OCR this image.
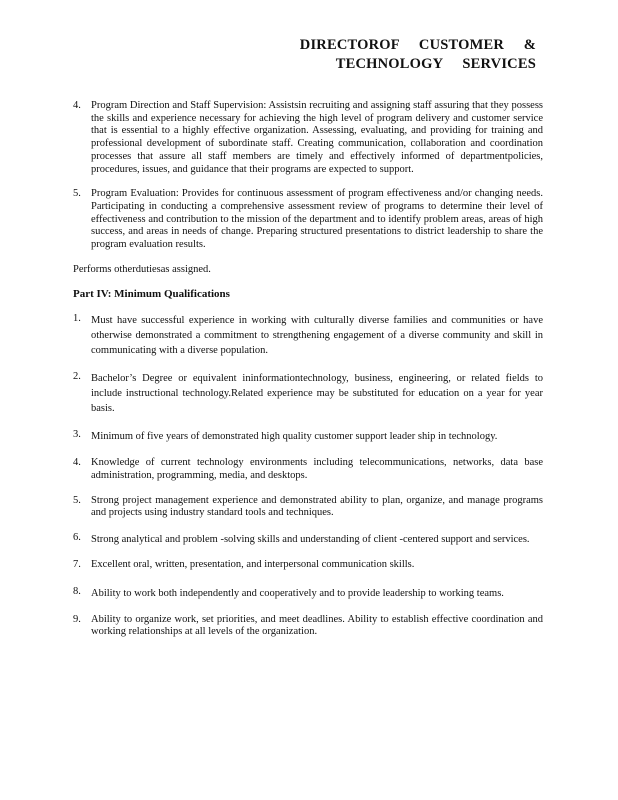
DIRECTOROF  CUSTOMER  &
TECHNOLOGY  SERVICES
4. Program Direction and Staff Supervision: Assistsin recruiting and assigning staff assuring that they possess the skills and experience necessary for achieving the high level of program delivery and customer service that is essential to a highly effective organization. Assessing, evaluating, and providing for training and professional development of subordinate staff. Creating communication, collaboration and coordination processes that assure all staff members are timely and effectively informed of departmentpolicies, procedures, issues, and guidance that their programs are expected to support.
5. Program Evaluation: Provides for continuous assessment of program effectiveness and/or changing needs. Participating in conducting a comprehensive assessment review of programs to determine their level of effectiveness and contribution to the mission of the department and to identify problem areas, areas of high success, and areas in needs of change. Preparing structured presentations to district leadership to share the program evaluation results.

Performs otherdutiesas assigned.

Part IV: Minimum Qualifications

1. Must have successful experience in working with culturally diverse families and communities or have otherwise demonstrated a commitment to strengthening engagement of a diverse community and skill in communicating with a diverse population.
2. Bachelor’s Degree or equivalent ininformationtechnology, business, engineering, or related fields to include instructional technology.Related experience may be substituted for education on a year for year basis.
3. Minimum of five years of demonstrated high quality customer support leader ship in technology.
4. Knowledge of current technology environments including telecommunications, networks, data base administration, programming, media, and desktops.
5. Strong project management experience and demonstrated ability to plan, organize, and manage programs and projects using industry standard tools and techniques.
6. Strong analytical and problem -solving skills and understanding of client -centered support and services.
7. Excellent oral, written, presentation, and interpersonal communication skills.
8. Ability to work both independently and cooperatively and to provide leadership to working teams.
9. Ability to organize work, set priorities, and meet deadlines. Ability to establish effective coordination and working relationships at all levels of the organization.
